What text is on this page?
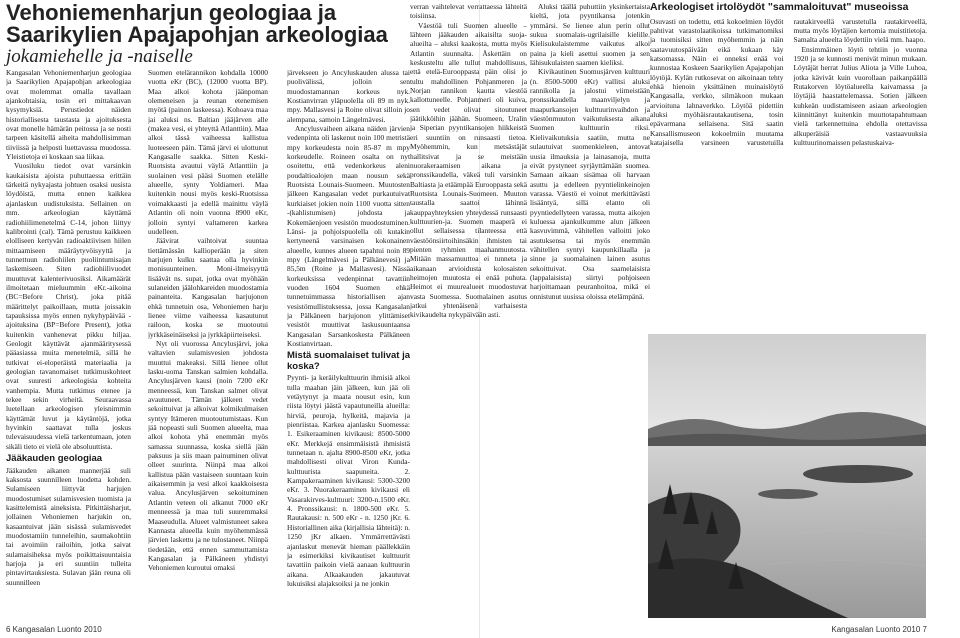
Vehoniemenharjun geologiaa ja
Saarikylien Apajapohjan arkeologiaa
jokamiehelle ja -naiselle

Kangasalan Vehoniemenharjun geologiaa ja Saarikylien Apajapohjan arkeologiaa ovat molemmat omalla tavallaan ajankohtaisia, tosin eri mittakaavan kysymyksiä. Perustiedot näiden historiallisesta taustasta ja ajoituksesta ovat monelle hämärän peitossa ja se nosti tarpeen käsitellä aiheita mahdollisimman tiiviissä ja helposti luettavassa muodossa. Yleistietoja ei koskaan saa liikaa.

Vuosiluku tiedot ovat varsinkin kaukaisista ajoista puhuttaessa erittäin tärkeitä nykyajasta johtuen osaksi uusista löydöistä, mutta ennen kaikkea ajanlaskun uudistuksista. Sellainen on mm. arkeologian käyttämä radiohiilimenetelmä C-14, johon liittyy kalibrointi (cal). Tämä perustuu kaikkeen elolliseen kertyvän radioaktiivisen hiilen mittaamiseen määräytyvöisyyttä ja tunnettuun radiohiilen puoliintumisajan laskemiseen. Siten radiohiilivuodet muuttuvat kalenterivuosiksi. Aikamäärät ilmoitetaan mieluummin eKr.-aikoina (BC=Before Christ), joka pitää määrittelyt paikoillaan, mutta joissakin tapauksissa myös ennen nykyhypäivää -ajoituksina (BP=Before Present), jotka kuitenkin vanhenevat pikku hiljaa. Geologit käyttävät ajanmääritysessä pääasiassa muita menetelmiä, sillä he tutkivat ei-eloperäistä materiaalia ja geologian tavanomaiset tutkimuskohteet ovat suuresti arkeologisia kohteita vanhempia. Mutta tutkimus etenee ja tekee sekin virheitä. Seuraavassa luetellaan arkeologisen yleisnimmin käyttämät luvut ja käytäntöjä, jotka hyvinkin saattavat tulla joskus tulevaisuudessa vielä tarkentumaan, joten sikäli tieto ei vielä ole absoluuttista.

Jääkauden geologiaa

Jääkauden aikanen mannerjää suli kaksosta suunnilleen luodetta kohden. Sulamiseen liittyvät harjujen muodostumiset sulamisvesien tuomista ja kasittelemistä aineksista. Pitkittäisharjut, jollainen Vehoniemen harjukin on, kasaantuivat jään sisässä sulamisvedet muodostamiin tunneleihin, saumakohtiin tai avoimiin railoihin, jotka saivat sulamaisiheksa myös poikittaisuuntaisia harjoja ja eri suuntiin tulleita pintavirtauksiesta. Sulavan jään reuna oli suunnilleen

Suomen etelärannikon kohdalla 10000 vuotta eKr (BC), (12000 vuotta BP). Maa alkoi kohota jäänpoman olemeneisen ja reunan etenemisen myötä (painon laskeessa). Kohoava maa jai aluksi ns. Baltian jääjärven alle (makea vesi, ei yhteyttä Atlanttiin). Maa alkoi tässä vaiheessa kallistua luoteeseen päin. Tämä järvi ei ulottunut Kangasalle saakka. Sitten Keski-Ruotsista avautui väylä Atlanttiin ja suolainen vesi pääsi Suomen etelälle alueelle, synty Yoldiameri. Maa kuitenkin nousi myös keski-Ruotsissa voimakkaasti ja edellä mainittu väylä Atlantin oli noin vuonna 8900 eKr, jolloin syntyi valtameren karkea uudelleen.

Jäävirat vaihtoivat suuntaa tiettämässän kallioperään ja siten harjujen kulku saattaa olla hyvinkin monisuunteinen. Moni-ilmeisyyttä lisäävät ns. supat, jotka ovat myöhään sulaneiden jäälohkareiden muodostamia painanteita. Kangasalan harjujonon ehkä tunnetuin osa, Vehoniemen harju lienee viime vaiheessa kasautunut railoon, koska se muotoutui jyrkkäseinäiseksi ja jyrkkäpiirteiseksi.

Nyt oli vuorossa Ancylusjärvi, joka valtavien sulamisvesien johdosta muuttui makeaksi. Sillä lienee ollut lasku-uoma Tanskan salmien kohdalla. Ancylusjärven kausi (noin 7200 eKr menneessä, kun Tanskan salmet olivat avautuneet. Tämän jälkeen vedet sekoittuivat ja alkoivat kolmikulmaisen syntyy Itämeren muotoutumistaas. Kun jää nopeasti suli Suomen alueelta, maa alkoi kohota yhä enemmän myös samassa suunnassa, koska siellä jään paksuus ja siis maan painuminen olivat olleet suurinta. Niinpä maa alkoi kallistua pään vastaiseen suuntaan kuin aikaisemmin ja vesi alkoi kaakkoisesta valua. Ancylusjärven sekoituminen Atlantin veteen oli alkanut 7000 eKr menneessä ja maa tuli suuremmaksi Maaseudulla. Alueet valmistuneet sakea Kannasta alueella kuin myöhemmässä järvien laskettu ja ne tulostaneet. Niinpä tiedetään, että ennen sammuttamista Kangasalan ja Pälkäneen yhdistyi Vehoniemen kuroutui omaksi

järvekseen jo Ancyluskauden alussa tai puolivälissä, jolloin sen muodostamannan korkeus nyk. Kostianvirran yläpuolella oli 89 m nyk. mpy. Mallasvesi ja Roine olivat silloin jo alempana, samoin Längelmävesi.

Ancylusvaiheen aikana näiden järvien vedenpinta oli laskenut noin 100 metristä mpy korkeudesta noin 85-87 m mpy korkeudelle. Roineen osalta on nyt osoitettu, että vedenkorkeus aleni poudaltioalojen maan nousun sekä Ruotsista Lounais-Suomeen. Muutosten jälkeen Kangasalan vedet purkautuivat kurkiaiset jokien noin 1100 vuotta sitten -(kahlistumisen) johdosta ja Kokemäenjoen vesistön muodostuminen. Länsi- ja pohjoispuolella oli kutakin kertyneenä varsinaisen kokonainen alueelle, kunnes alueen tapahtui noin 89 mpy (Längelmävesi ja Pälkänevesi) ja 85,5m (Roine ja Mallasvesi). Nässä korkeuksissa vedenpinnat tavattiin vuoden 1604 Suomen ehkä tunnetuimmassa historiallisen ajan vesistömullistuksessa, jossa Kangasalan ja Pälkäneen harjujonon ylittämiset vesistöt muuttivat laskusuuntaansa Kangasalan Sarsankoskesta Pälkäneen Kostianvirtaan.

Mistä suomalaiset tulivat ja koska?

Pyynti- ja keräilykulttuurin ihmisiä alkoi tulla maahan jäin jälkeen, kun jää oli vetäytynyt ja maata nousut esin, kun riista löytyi jäästä vapautuneilla alueilla: hirviä, peuroja, hylkeitä, majavia ja pienriistaa. Karkea ajanlasku Suomessa: 1. Esikeraaminen kivikausi: 8500-5000 eKr. Merkkejä ensimmäisistä ihmisistä tunnetaan n. ajalta 8900-8500 eKr, jotka mahdollisesti olivat Viron Kunda-kulttuurista saapuneita. 2. Kampakeraaminen kivikausi: 5300-3200 eKr. 3. Nuorakeraaminen kivikausi eli Vasarakirves-kulttuuri: 3200-n.1500 eKr. 4. Pronssikausi: n. 1800-500 eKr. 5. Rautakausi: n. 500 eKr - n. 1250 jKr. 6. Historiallinen aika (kirjallisia lähteitä): n. 1250 jKr alkaen. Ymmärrettävästi ajanlaskut menevät hieman päällekkäin ja esimerkiksi kivikautiset kulttuurit tavattiin paikoin vielä aanaan kulttuurin aikana. Alkaakauden jakautuvat lukuisiksi alajaksoiksi ja ne jonkin

6 Kangasalan Luonto 2010	Kangasalan Luonto 2010 7

verran vaihtelevat verrattaessa lähteitä toisiinsa.

Väestöä tuli Suomen alueelle – lähteen jääkauden aikaisilta suoja-alueilta – aluksi kaakosta, mutta myös Atlantin suunnalta. Äskettäin on keskusteltu alle tullut mahdollisuus, että etelä-Eurooppasta päin olisi jo tultu mahdollinen Pohjanmeren ja Norjan rannikon kautta väestöä kallottuneelle. Pohjanmeri oli kuiva, sen vedet olivat sitoutuneet jäätikköihin jäähän. Suomeen, Uralin ja Siperian pyyntikansojen hiikkeistä eri suuntiin on runsaasti tietoa. Myöhemmin, kun metsästäjät hallitsivat ja se meistään nuorakeraamisen aikana ja pronssikaudella, väkeä tuli varsinkin Baltiasta ja etäämpää Eurooppasta sekä Ruotsista Lounais-Suomeen. Muuton taustalla saattoi lähinnä kauppayhteyksien yhteydessä runsaasti kulttuurien-ja. Suomen maaperä ei ollut sellaisessa tilanteessa että väestöönsiirtoihinsäkin ihmisten tai pienten ryhmien maahanmuutosta. Mitään massamuuttoa ei tunneta ja aikanaan arvioidusta kolosaisten heimojen muutosta ei enää puhuta. Heimot ei muurealueet muodostuvat vasta Suomessa. Suomalainen asutus jatkui yhtenäisenä varhaisesta kivikaudelta nykypäivään asti.

Aluksi täällä puhuttiin yksinkertaista kieltä, jota pyyntikansa jotenkin ymmärsi. Se lienee alun perin ollut sukua suomalais-ugrilaisille kielille. Kielisukulaistemme vaikutus alkoi paina ja kieli asettui suomen ja sen lähisukulaisten saamen kieliksi.

Kivikautinen Suomusjärven kulttuuri (n. 8500-5000 eKr) vallitsi aluksi rannikolla ja jalostui viimeistään pronssikaudella maanviljelyn ja maapurkansojen kulttuurinvaihdon ja väestönmuuton vaikutuksesta aikana Suomen kulttuurin riksi. Kielivaikutuksia saatiin, mutta ne sulautuivat suomenkieleen, antovat uusia ilmauksia ja lainasanoja, mutta eivät pystyneet syrjäyttämään suomea. Samaan aikaan sisämaa oli harvaan asuttu ja edelleen pyyntielinkeinojen varassa. Väestö ei voinut merkittävästi lisääntyä, sillä elanto oli pyyntiedellyteen varassa, mutta aikojen kuluessa ajankulkumme alun jälkeen kasvuvimmä, vähitellen valloitti joko asutuksensa tai myös enemmän vähitellen syntyi kaupunkillaalla ja sinne ja suomalainen lainen asutus sekoittuivat. Osa saamelaisista (lappalaisista) siirtyi pohjoiseen harjoittamaan peuranhoitoa, mikä ei onnistunut uusissa oloissa etelämpänä.

Arkeologiset irtolöydöt "sammaloituvat" museoissa

Osuvasti on todettu, että kokoelmien löydöt pahtivat varastolaatikoissa tutkimattomiksi ja tuomisiksi sitten myöhemmin ja näin saatavuutospäivään eikä kukaan käy katsomassa. Näin ei onneksi enää voi kunnostaa Koskeen Saarikylien Apajapohjan löytöjä. Kylän rutkosevat on aikoinaan tehty ehkä hienoin yksittäinen muinaislöytö Kangasalla, verkko, silmäkoon mukaan arvioituna lahnaverkko. Löytöä pidettiin aluksi myöhäisrautakautisena, tosin epävarmana sellaisena. Sitä saatin Kansallismuseon kokoelmiin muutama katajaisella varsineen varustetuilla rautakirveellä varustetulla rautakirveellä, mutta myös löytäjien kertomia muistitietoja. Samalta alueelta löydettiin vielä mm. haapo.

Ensimmäinen löytö tehtiin jo vuonna 1920 ja se kunnosti menivät minun mukaan. Löytäjät herrat Julius Aliota ja Ville Luhoa, jotka kävivät kuin vuorollaan paikanpäällä Rutakorven löytöalueella kaivamassa ja löytäjiä haastattelemassa. Sotien jälkeen kuhkeän uudistamiseen asiaan arkeologien kiinnittänyt kuitenkin muuttotapahtumaan vielä tarkennettuina ehdolla otettavissa alkuperäisiä vastaavuuksia kulttuurinomaissen pelastuskaiva-
